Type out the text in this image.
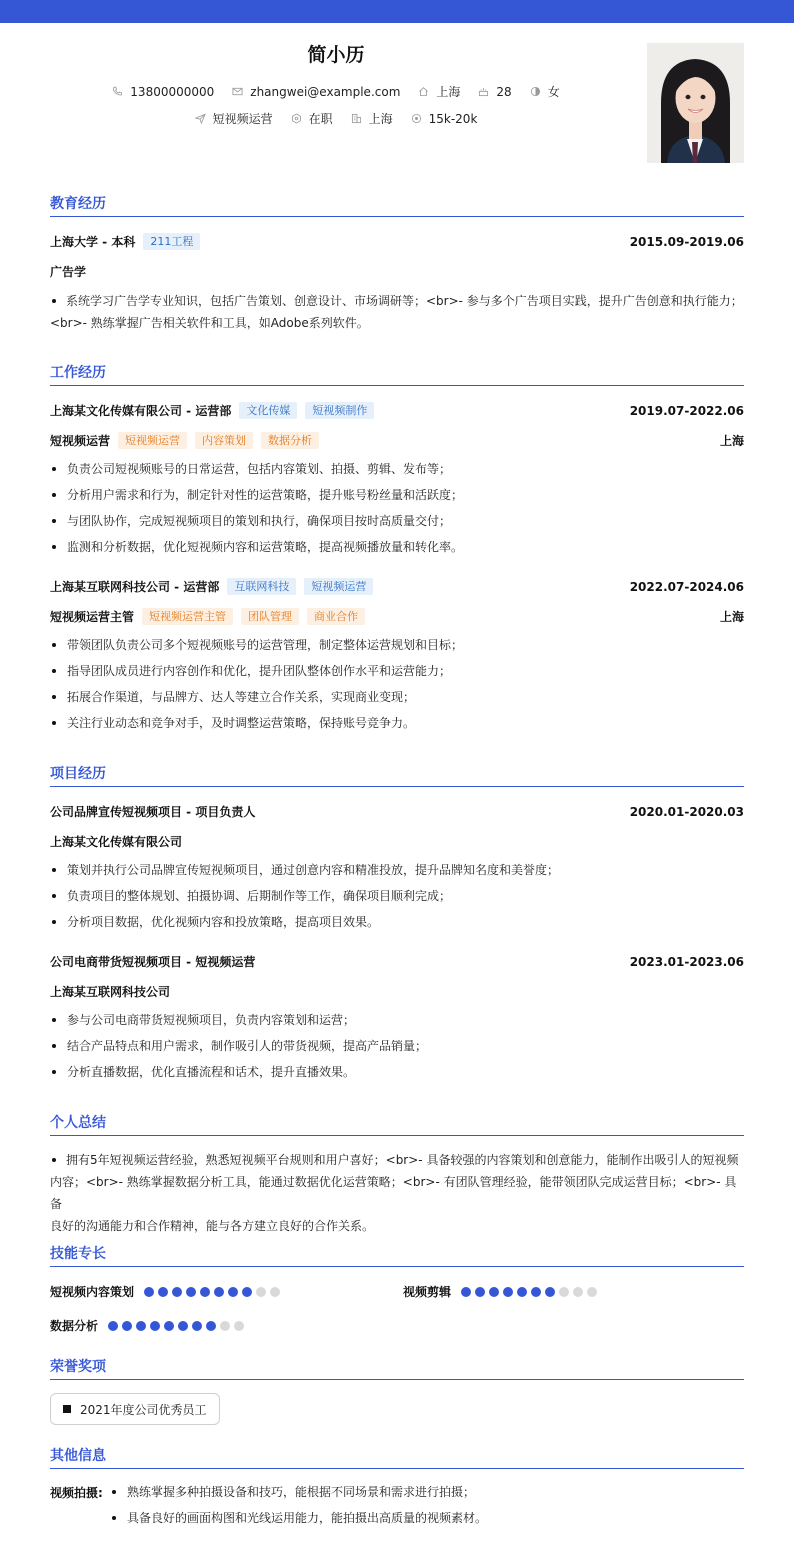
简小历
13800000000	zhangwei@example.com	上海	28	女
短视频运营	在职	上海	15k-20k
教育经历
上海大学 - 本科	211工程	2015.09-2019.06
广告学
系统学习广告学专业知识，包括广告策划、创意设计、市场调研等；<br>- 参与多个广告项目实践，提升广告创意和执行能力；
<br>- 熟练掌握广告相关软件和工具，如Adobe系列软件。
工作经历
上海某文化传媒有限公司 - 运营部	文化传媒	短视频制作	2019.07-2022.06
短视频运营	短视频运营	内容策划	数据分析	上海
负责公司短视频账号的日常运营，包括内容策划、拍摄、剪辑、发布等；
分析用户需求和行为，制定针对性的运营策略，提升账号粉丝量和活跃度；
与团队协作，完成短视频项目的策划和执行，确保项目按时高质量交付；
监测和分析数据，优化短视频内容和运营策略，提高视频播放量和转化率。
上海某互联网科技公司 - 运营部	互联网科技	短视频运营	2022.07-2024.06
短视频运营主管	短视频运营主管	团队管理	商业合作	上海
带领团队负责公司多个短视频账号的运营管理，制定整体运营规划和目标；
指导团队成员进行内容创作和优化，提升团队整体创作水平和运营能力；
拓展合作渠道，与品牌方、达人等建立合作关系，实现商业变现；
关注行业动态和竞争对手，及时调整运营策略，保持账号竞争力。
项目经历
公司品牌宣传短视频项目 - 项目负责人	2020.01-2020.03
上海某文化传媒有限公司
策划并执行公司品牌宣传短视频项目，通过创意内容和精准投放，提升品牌知名度和美誉度；
负责项目的整体规划、拍摄协调、后期制作等工作，确保项目顺利完成；
分析项目数据，优化视频内容和投放策略，提高项目效果。
公司电商带货短视频项目 - 短视频运营	2023.01-2023.06
上海某互联网科技公司
参与公司电商带货短视频项目，负责内容策划和运营；
结合产品特点和用户需求，制作吸引人的带货视频，提高产品销量；
分析直播数据，优化直播流程和话术，提升直播效果。
个人总结
拥有5年短视频运营经验，熟悉短视频平台规则和用户喜好；<br>- 具备较强的内容策划和创意能力，能制作出吸引人的短视频
内容；<br>- 熟练掌握数据分析工具，能通过数据优化运营策略；<br>- 有团队管理经验，能带领团队完成运营目标；<br>- 具备
良好的沟通能力和合作精神，能与各方建立良好的合作关系。
技能专长
短视频内容策划	视频剪辑
数据分析
荣誉奖项
2021年度公司优秀员工
其他信息
视频拍摄:	熟练掌握多种拍摄设备和技巧，能根据不同场景和需求进行拍摄；
具备良好的画面构图和光线运用能力，能拍摄出高质量的视频素材。
